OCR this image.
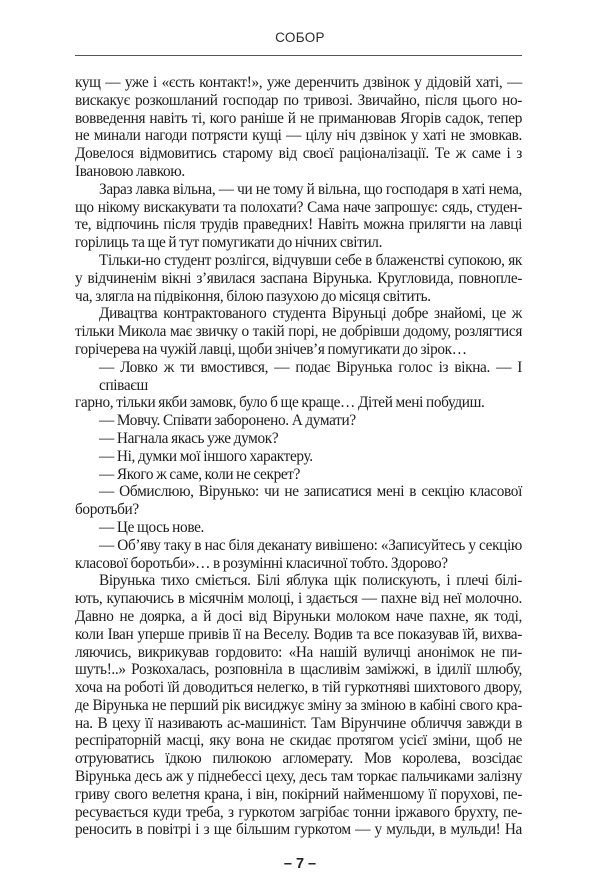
СОБОР
кущ — уже і «єсть контакт!», уже деренчить дзвінок у дідовій хаті, —
вискакує розкошланий господар по тривозі. Звичайно, після цього но-
вовведення навіть ті, кого раніше й не приманював Ягорів садок, тепер
не минали нагоди потрясти кущі — цілу ніч дзвінок у хаті не змовкав.
Довелося відмовитись старому від своєї раціоналізації. Те ж саме і з
Івановою лавкою.
Зараз лавка вільна, — чи не тому й вільна, що господаря в хаті нема,
що нікому вискакувати та полохати? Сама наче запрошує: сядь, студен-
те, відпочинь після трудів праведних! Навіть можна прилягти на лавці
горілиць та ще й тут помугикати до нічних світил.
Тільки-но студент розлігся, відчувши себе в блаженстві супокою, як
у відчиненім вікні з’явилася заспана Вірунька. Кругловида, повнопле-
ча, злягла на підвіконня, білою пазухою до місяця світить.
Дивацтва контрактованого студента Віруньці добре знайомі, це ж
тільки Микола має звичку о такій порі, не добрівши додому, розлягтися
горічерева на чужій лавці, щоби знічев’я помугикати до зірок…
— Ловко ж ти вмостився, — подає Вірунька голос із вікна. — І співаєш
гарно, тільки якби замовк, було б ще краще… Дітей мені побудиш.
— Мовчу. Співати заборонено. А думати?
— Нагнала якась уже думок?
— Ні, думки мої іншого характеру.
— Якого ж саме, коли не секрет?
— Обмислюю, Вірунько: чи не записатися мені в секцію класової
боротьби?
— Це щось нове.
— Об’яву таку в нас біля деканату вивішено: «Записуйтесь у секцію
класової боротьби»… в розумінні класичної тобто. Здорово?
Вірунька тихо сміється. Білі яблука щік полискують, і плечі білі-
ють, купаючись в місячнім молоці, і здається — пахне від неї молочно.
Давно не доярка, а й досі від Віруньки молоком наче пахне, як тоді,
коли Іван уперше привів її на Веселу. Водив та все показував їй, вихва-
ляючись, викрикував гордовито: «На нашій вуличці анонімок не пи-
шуть!..» Розкохалась, розповніла в щасливім заміжжі, в ідилії шлюбу,
хоча на роботі їй доводиться нелегко, в тій гуркотняві шихтового двору,
де Вірунька не перший рік висиджує зміну за зміною в кабіні свого кра-
на. В цеху її називають ас-машиніст. Там Вірунчине обличчя завжди в
респіраторній масці, яку вона не скидає протягом усієї зміни, щоб не
отруюватись їдкою пилюкою агломерату. Мов королева, возсідає
Вірунька десь аж у піднебессі цеху, десь там торкає пальчиками залізну
гриву свого велетня крана, і він, покірний найменшому її порухові, пе-
ресувається куди треба, з гуркотом загрібає тонни іржавого брухту, пе-
реносить в повітрі і з ще більшим гуркотом — у мульди, в мульди! На
– 7 –
